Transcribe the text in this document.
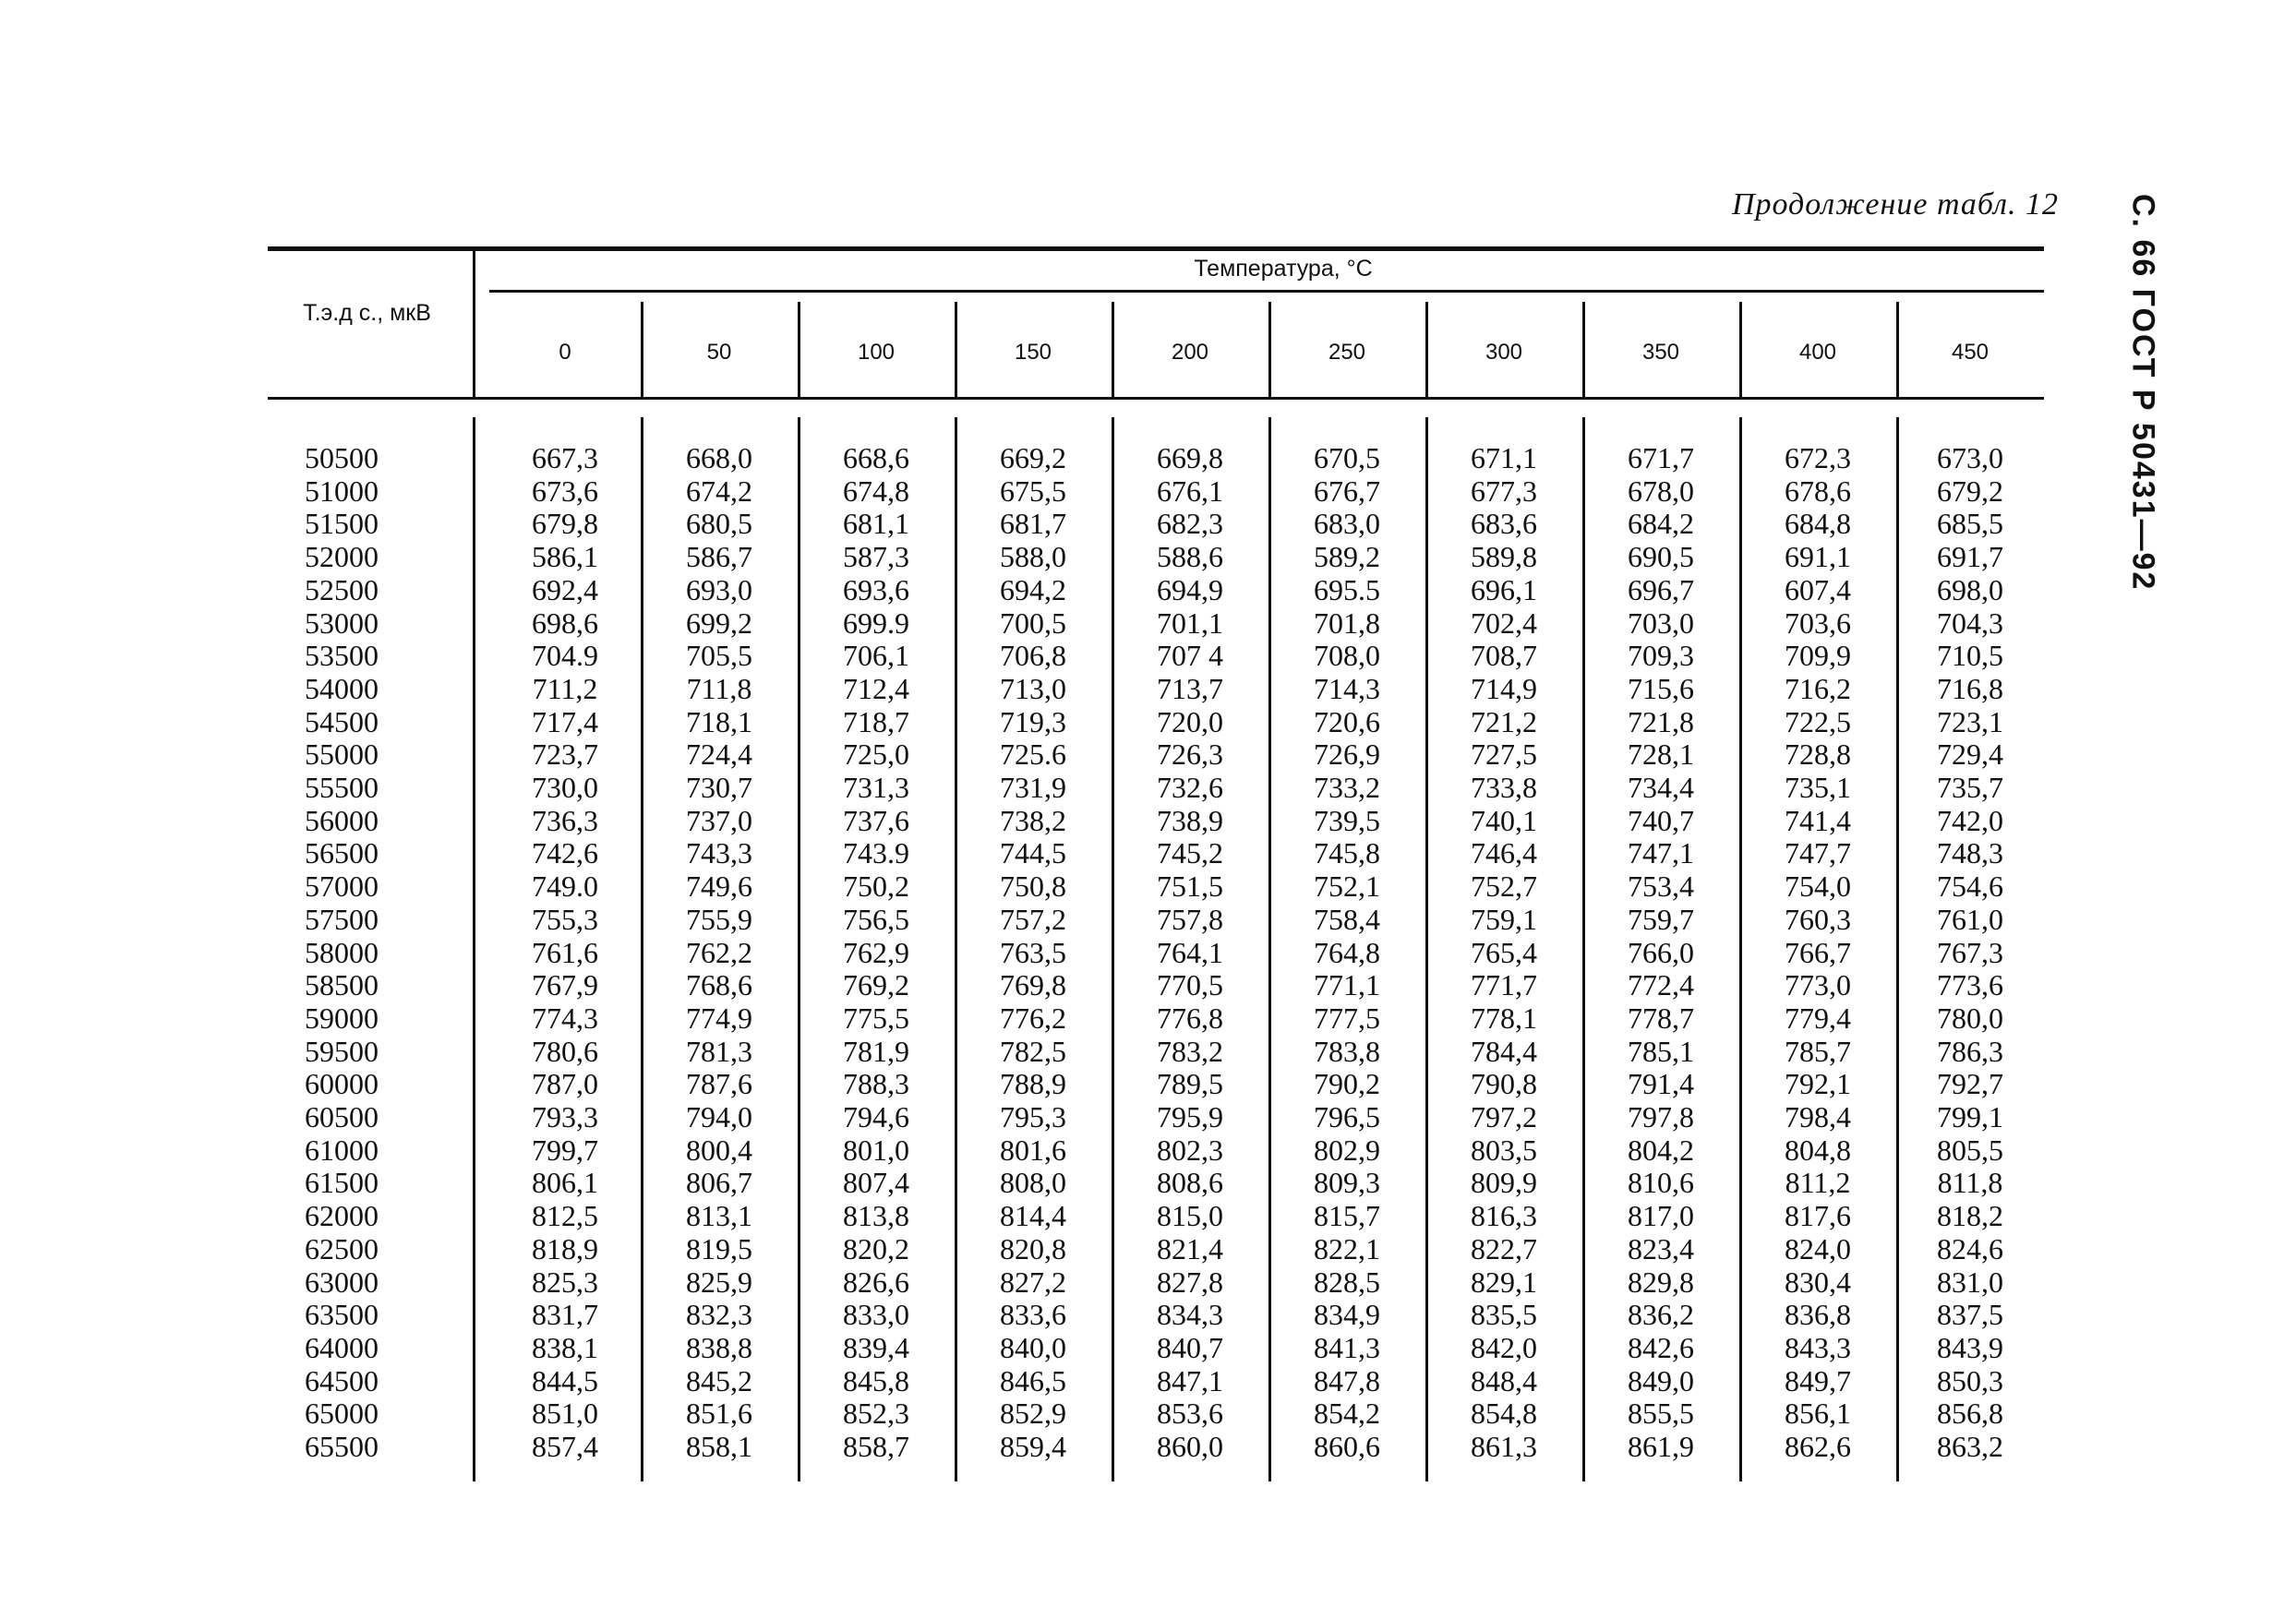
Продолжение табл. 12 С. 66 ГОСТ Р 50431—92
Т.э.д с., мкВ
Температура, °С
0	50	100	150	200	250	300	350	400	450
50500	667,3	668,0	668,6	669,2	669,8	670,5	671,1	671,7	672,3	673,0
51000	673,6	674,2	674,8	675,5	676,1	676,7	677,3	678,0	678,6	679,2
51500	679,8	680,5	681,1	681,7	682,3	683,0	683,6	684,2	684,8	685,5
52000	586,1	586,7	587,3	588,0	588,6	589,2	589,8	690,5	691,1	691,7
52500	692,4	693,0	693,6	694,2	694,9	695.5	696,1	696,7	607,4	698,0
53000	698,6	699,2	699.9	700,5	701,1	701,8	702,4	703,0	703,6	704,3
53500	704.9	705,5	706,1	706,8	707 4	708,0	708,7	709,3	709,9	710,5
54000	711,2	711,8	712,4	713,0	713,7	714,3	714,9	715,6	716,2	716,8
54500	717,4	718,1	718,7	719,3	720,0	720,6	721,2	721,8	722,5	723,1
55000	723,7	724,4	725,0	725.6	726,3	726,9	727,5	728,1	728,8	729,4
55500	730,0	730,7	731,3	731,9	732,6	733,2	733,8	734,4	735,1	735,7
56000	736,3	737,0	737,6	738,2	738,9	739,5	740,1	740,7	741,4	742,0
56500	742,6	743,3	743.9	744,5	745,2	745,8	746,4	747,1	747,7	748,3
57000	749.0	749,6	750,2	750,8	751,5	752,1	752,7	753,4	754,0	754,6
57500	755,3	755,9	756,5	757,2	757,8	758,4	759,1	759,7	760,3	761,0
58000	761,6	762,2	762,9	763,5	764,1	764,8	765,4	766,0	766,7	767,3
58500	767,9	768,6	769,2	769,8	770,5	771,1	771,7	772,4	773,0	773,6
59000	774,3	774,9	775,5	776,2	776,8	777,5	778,1	778,7	779,4	780,0
59500	780,6	781,3	781,9	782,5	783,2	783,8	784,4	785,1	785,7	786,3
60000	787,0	787,6	788,3	788,9	789,5	790,2	790,8	791,4	792,1	792,7
60500	793,3	794,0	794,6	795,3	795,9	796,5	797,2	797,8	798,4	799,1
61000	799,7	800,4	801,0	801,6	802,3	802,9	803,5	804,2	804,8	805,5
61500	806,1	806,7	807,4	808,0	808,6	809,3	809,9	810,6	811,2	811,8
62000	812,5	813,1	813,8	814,4	815,0	815,7	816,3	817,0	817,6	818,2
62500	818,9	819,5	820,2	820,8	821,4	822,1	822,7	823,4	824,0	824,6
63000	825,3	825,9	826,6	827,2	827,8	828,5	829,1	829,8	830,4	831,0
63500	831,7	832,3	833,0	833,6	834,3	834,9	835,5	836,2	836,8	837,5
64000	838,1	838,8	839,4	840,0	840,7	841,3	842,0	842,6	843,3	843,9
64500	844,5	845,2	845,8	846,5	847,1	847,8	848,4	849,0	849,7	850,3
65000	851,0	851,6	852,3	852,9	853,6	854,2	854,8	855,5	856,1	856,8
65500	857,4	858,1	858,7	859,4	860,0	860,6	861,3	861,9	862,6	863,2
